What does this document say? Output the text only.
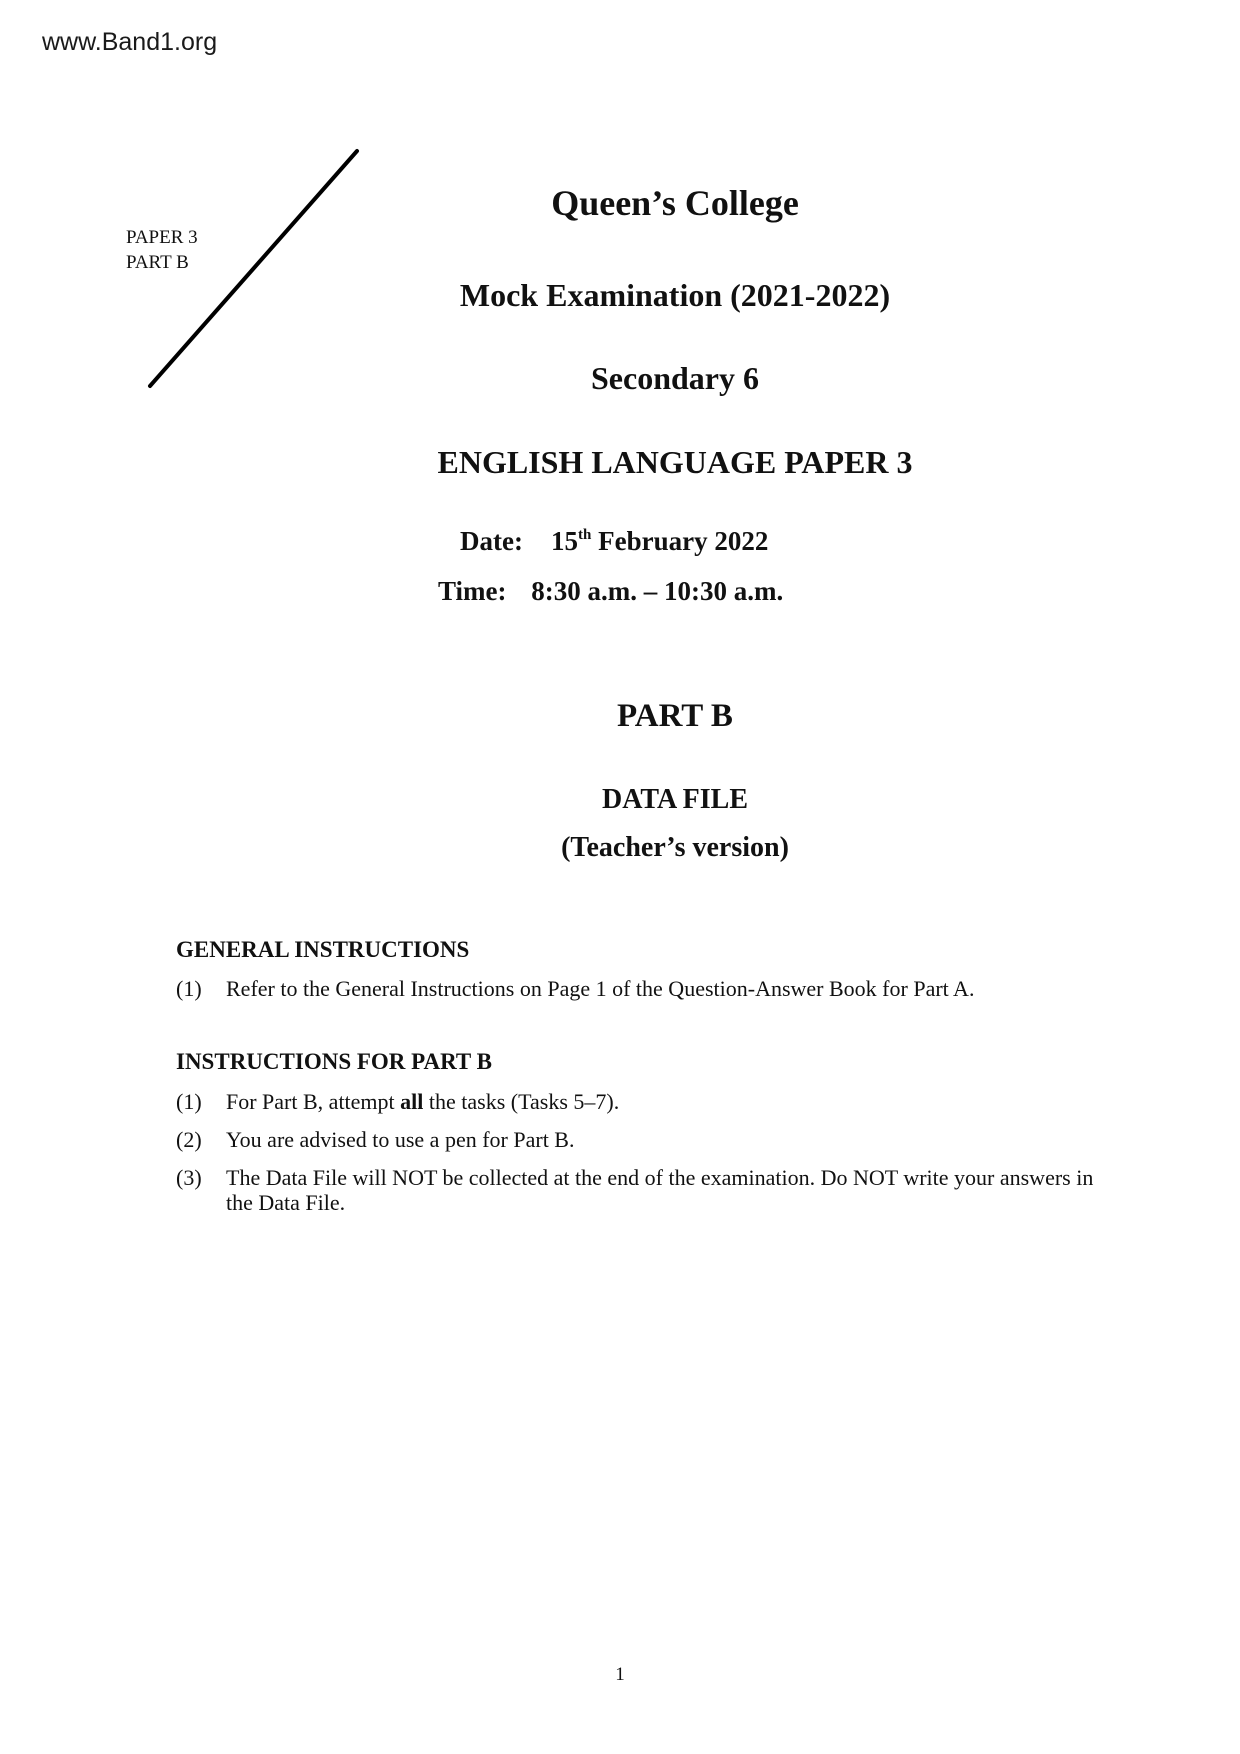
www.Band1.org
PAPER 3
PART B
Queen’s College
Mock Examination (2021-2022)
Secondary 6
ENGLISH LANGUAGE PAPER 3
Date: 15th February 2022
Time: 8:30 a.m. – 10:30 a.m.
PART B
DATA FILE
(Teacher’s version)
GENERAL INSTRUCTIONS
(1) Refer to the General Instructions on Page 1 of the Question-Answer Book for Part A.
INSTRUCTIONS FOR PART B
(1) For Part B, attempt all the tasks (Tasks 5–7).
(2) You are advised to use a pen for Part B.
(3) The Data File will NOT be collected at the end of the examination. Do NOT write your answers in the Data File.
1
